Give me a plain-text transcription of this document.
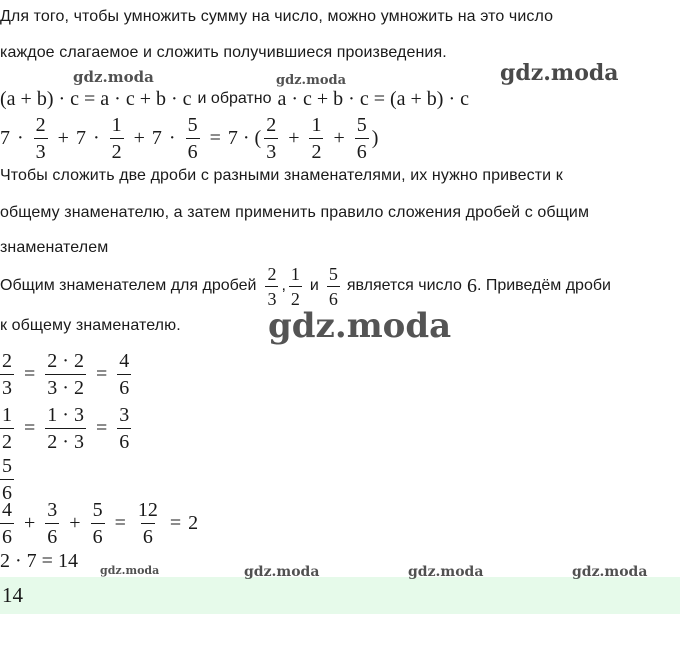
Для того, чтобы умножить сумму на число, можно умножить на это число
каждое слагаемое и сложить получившиеся произведения.
(a + b) · c = a · c + b · c и обратно a · c + b · c = (a + b) · c
$7 \cdot \frac{2}{3} + 7 \cdot \frac{1}{2} + 7 \cdot \frac{5}{6} = 7$ · ( $\frac{2}{3} + \frac{1}{2} + \frac{5}{6}$ )
Чтобы сложить две дроби с разными знаменателями, их нужно привести к
общему знаменателю, а затем применить правило сложения дробей с общим
знаменателем
Общим знаменателем для дробей $\frac{2}{3}$ , $\frac{1}{2}$ и $\frac{5}{6}$ является число 6 . Приведём дроби
к общему знаменателю.
$\frac{2}{3} = \frac{2 \cdot 2}{3 \cdot 2} = \frac{4}{6}$
$\frac{1}{2} = \frac{1 \cdot 3}{2 \cdot 3} = \frac{3}{6}$
$\frac{5}{6}$
$\frac{4}{6} + \frac{3}{6} + \frac{5}{6} = \frac{12}{6} = 2$
2 · 7 = 14
14
gdz.moda	gdz.moda	gdz.moda
gdz.moda
gdz.moda	gdz.moda	gdz.moda	gdz.moda
